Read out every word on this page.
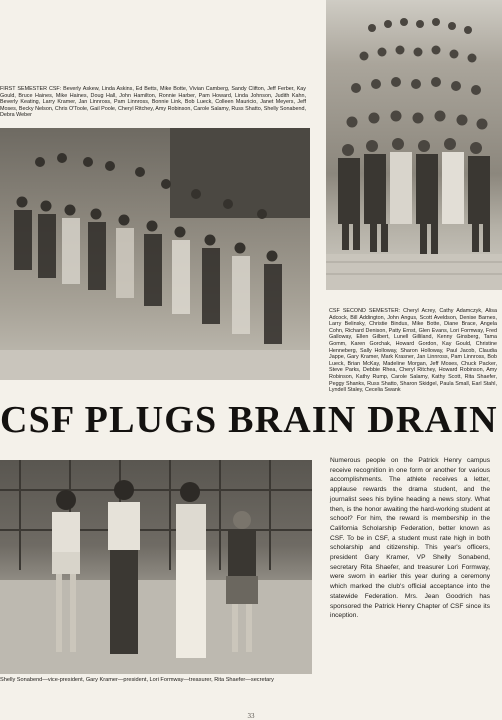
FIRST SEMESTER CSF: Beverly Askew, Linda Askins, Ed Betts, Mike Botte, Vivian Camberg, Sandy Clifton, Jeff Ferber, Kay Gould, Bruce Haines, Mike Haines, Doug Hall, John Hamilton, Ronnie Harber, Pam Howard, Linda Johnson, Judith Kahn, Beverly Keating, Larry Kramer, Jan Linnross, Pam Linnross, Bonnie Link, Bob Lueck, Colleen Mauricio, Janet Meyers, Jeff Moses, Becky Nelson, Chris O'Toole, Gail Poole, Cheryl Ritchey, Amy Robinson, Carole Salamy, Russ Shatto, Shelly Sonabend, Debra Weber

CSF SECOND SEMESTER: Cheryl Acrey, Cathy Adamczyk, Alisa Adcock, Bill Addington, John Angus, Scott Aveldson, Denise Barnes, Larry Belinsky, Christie Bindus, Mike Botte, Diane Brace, Angela Cohn, Richard Denison, Patty Ernst, Glen Evans, Lori Formway, Fred Galloway, Ellen Gilbert, Lunell Gilliland, Kenny Ginsberg, Tama Gomm, Karen Gorchak, Howard Gordon, Kay Gould, Christine Henneberg, Sally Holloway, Sharon Holloway, Paul Jacob, Claudia Jappe, Gary Kramer, Mark Krasner, Jan Linnross, Pam Linnross, Bob Lueck, Brian McKay, Madeline Morgan, Jeff Moses, Chuck Packer, Steve Parks, Debbie Rhea, Cheryl Ritchey, Howard Robinson, Amy Robinson, Kathy Rump, Carole Salamy, Kathy Scott, Rita Shaefer, Peggy Shanks, Russ Shatto, Sharon Skidgel, Paula Small, Earl Stahl, Lyndell Staley, Cecelia Swank

CSF PLUGS BRAIN DRAIN

Shelly Sonabend—vice-president, Gary Kramer—president, Lori Formway—treasurer, Rita Shaefer—secretary

Numerous people on the Patrick Henry campus receive recognition in one form or another for various accomplishments. The athlete receives a letter, applause rewards the drama student, and the journalist sees his byline heading a news story. What then, is the honor awaiting the hard-working student at school? For him, the reward is membership in the California Scholarship Federation, better known as CSF. To be in CSF, a student must rate high in both scholarship and citizenship. This year's officers, president Gary Kramer, VP Shelly Sonabend, secretary Rita Shaefer, and treasurer Lori Formway, were sworn in earlier this year during a ceremony which marked the club's official acceptance into the statewide Federation. Mrs. Jean Goodrich has sponsored the Patrick Henry Chapter of CSF since its inception.

33
